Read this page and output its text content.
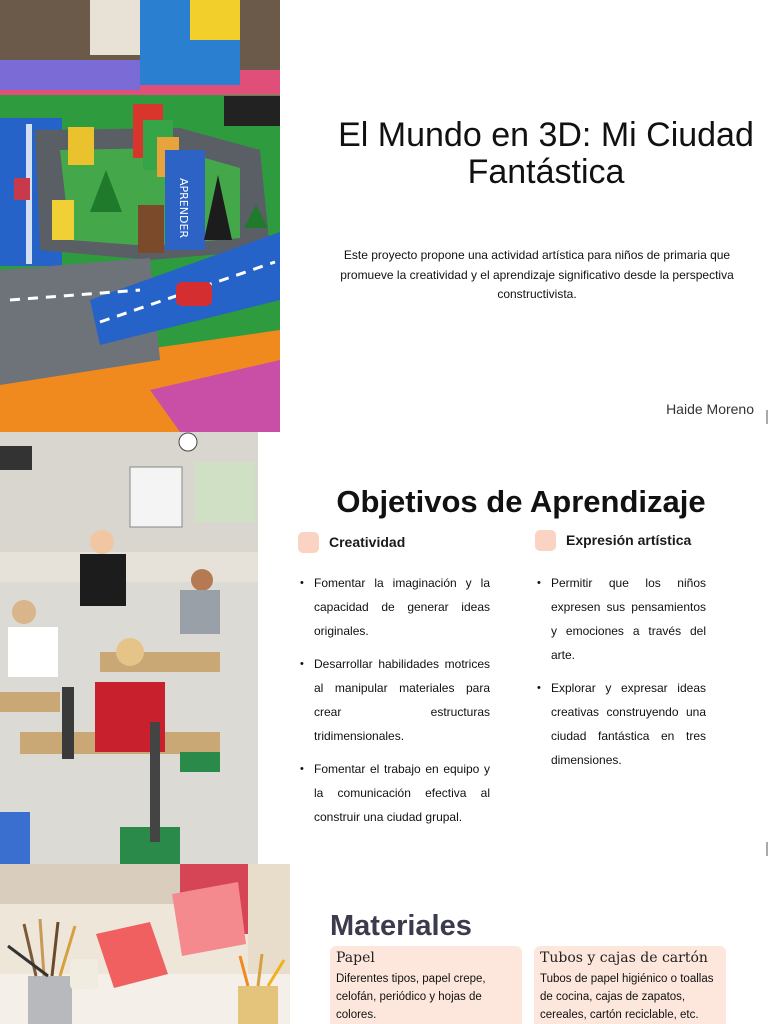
APRENDER
El Mundo en 3D: Mi Ciudad Fantástica

Este proyecto propone una actividad artística para niños de primaria que promueve la creatividad y el aprendizaje significativo desde la perspectiva constructivista.

Haide Moreno
Objetivos de Aprendizaje
Creatividad
• Fomentar la imaginación y la capacidad de generar ideas originales.
• Desarrollar habilidades motrices al manipular materiales para crear estructuras tridimensionales.
• Fomentar el trabajo en equipo y la comunicación efectiva al construir una ciudad grupal.
Expresión artística
• Permitir que los niños expresen sus pensamientos y emociones a través del arte.
• Explorar y expresar ideas creativas construyendo una ciudad fantástica en tres dimensiones.
Materiales
Papel
Diferentes tipos, papel crepe, celofán, periódico y hojas de colores.
Tubos y cajas de cartón
Tubos de papel higiénico o toallas de cocina, cajas de zapatos, cereales, cartón reciclable, etc.
